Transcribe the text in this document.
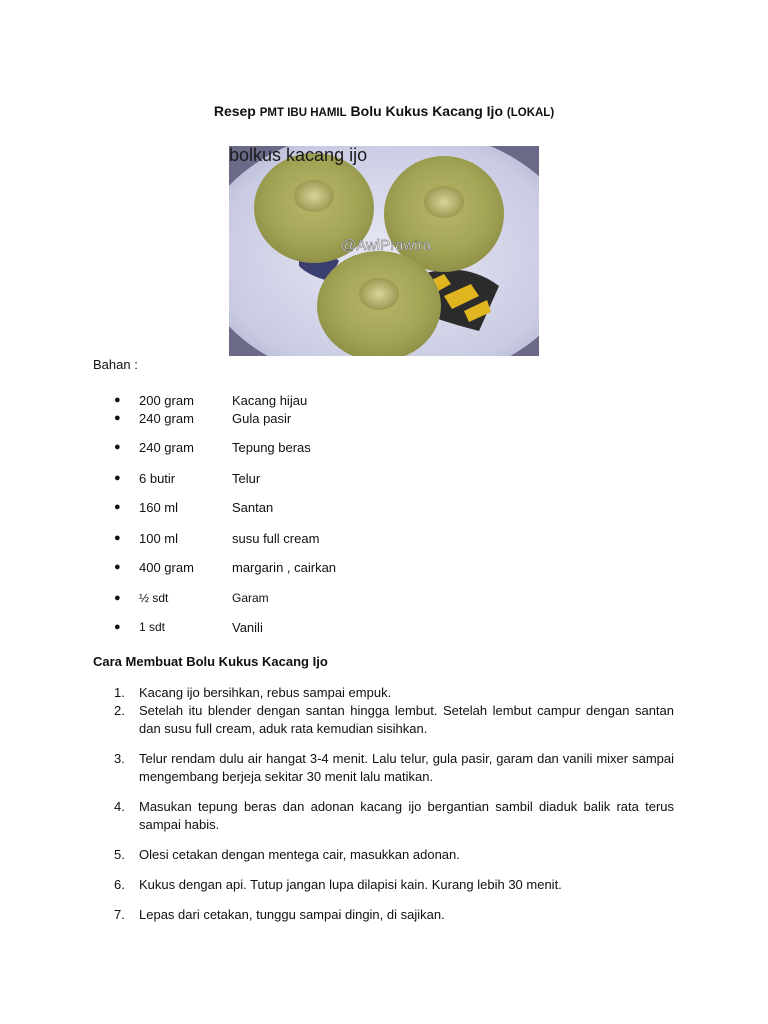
Resep PMT IBU HAMIL Bolu Kukus Kacang Ijo (LOKAL)
bolkus kacang ijo
@AwiPrawira
Bahan :
● 200 gram	Kacang hijau
● 240 gram	Gula pasir
● 240 gram	Tepung beras
● 6 butir	Telur
● 160 ml	Santan
● 100 ml	susu full cream
● 400 gram	margarin , cairkan
● ½ sdt	Garam
● 1 sdt	Vanili
Cara Membuat Bolu Kukus Kacang Ijo
1. Kacang ijo bersihkan, rebus sampai empuk.
2. Setelah itu blender dengan santan hingga lembut. Setelah lembut campur dengan santan dan susu full cream, aduk rata kemudian sisihkan.
3. Telur rendam dulu air hangat 3-4 menit. Lalu telur, gula pasir, garam dan vanili mixer sampai mengembang berjeja sekitar 30 menit lalu matikan.
4. Masukan tepung beras dan adonan kacang ijo bergantian sambil diaduk balik rata terus sampai habis.
5. Olesi cetakan dengan mentega cair, masukkan adonan.
6. Kukus dengan api. Tutup jangan lupa dilapisi kain. Kurang lebih 30 menit.
7. Lepas dari cetakan, tunggu sampai dingin, di sajikan.
